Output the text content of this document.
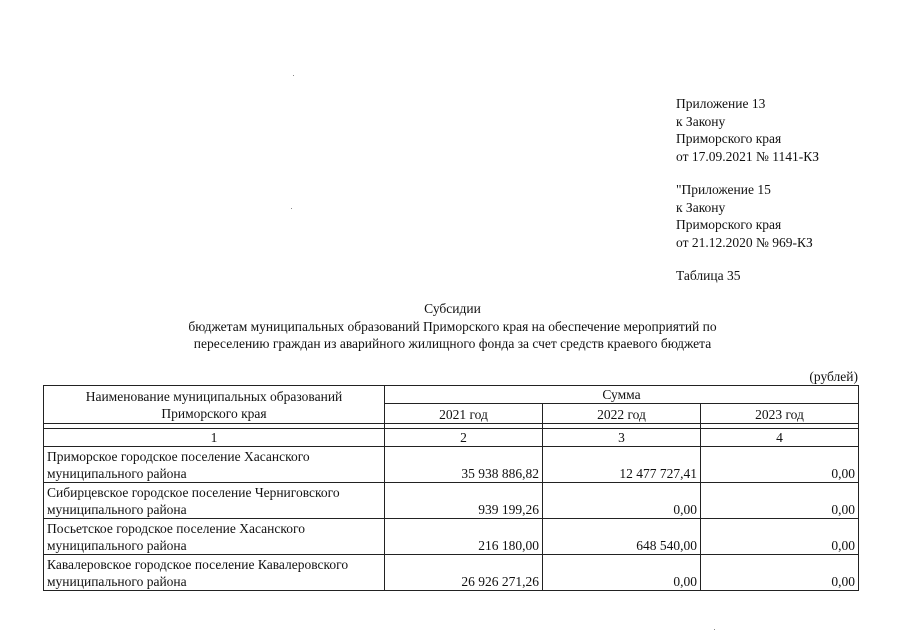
Приложение 13
к Закону
Приморского края
от 17.09.2021 № 1141-КЗ
"Приложение 15
к Закону
Приморского края
от 21.12.2020 № 969-КЗ
Таблица 35
Субсидии
бюджетам муниципальных образований Приморского края на обеспечение мероприятий по
переселению граждан из аварийного жилищного фонда за счет средств краевого бюджета
(рублей)
Наименование муниципальных образований Приморского края	Сумма		
	2021 год	2022 год	2023 год

1	2	3	4
Приморское городское поселение Хасанского муниципального района	35 938 886,82	12 477 727,41	0,00
Сибирцевское городское поселение Черниговского муниципального района	939 199,26	0,00	0,00
Посьетское городское поселение Хасанского муниципального района	216 180,00	648 540,00	0,00
Кавалеровское городское поселение Кавалеровского муниципального района	26 926 271,26	0,00	0,00
